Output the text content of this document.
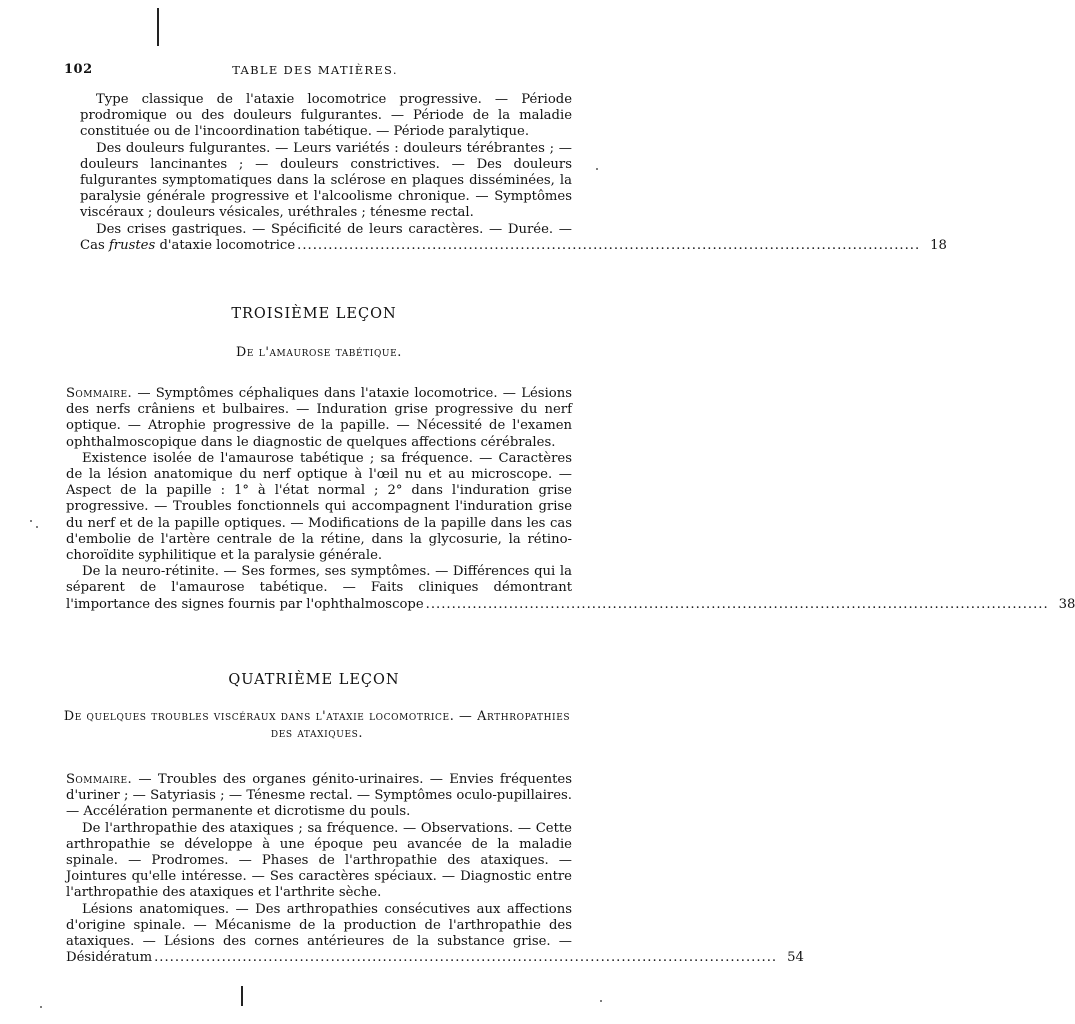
102	TABLE DES MATIÈRES.

Type classique de l'ataxie locomotrice progressive. — Période prodromique ou des douleurs fulgurantes. — Période de la maladie constituée ou de l'incoordination tabétique. — Période paralytique.

Des douleurs fulgurantes. — Leurs variétés : douleurs térébrantes ; — douleurs lancinantes ; — douleurs constrictives. — Des douleurs fulgurantes symptomatiques dans la sclérose en plaques disséminées, la paralysie générale progressive et l'alcoolisme chronique. — Symptômes viscéraux ; douleurs vésicales, uréthrales ; ténesme rectal.

Des crises gastriques. — Spécificité de leurs caractères. — Durée. —

Cas frustes d'ataxie locomotrice ........................................................................................................................ 18
TROISIÈME LEÇON
De l'amaurose tabétique.

Sommaire. — Symptômes céphaliques dans l'ataxie locomotrice. — Lésions des nerfs crâniens et bulbaires. — Induration grise progressive du nerf optique. — Atrophie progressive de la papille. — Nécessité de l'examen ophthalmoscopique dans le diagnostic de quelques affections cérébrales.

Existence isolée de l'amaurose tabétique ; sa fréquence. — Caractères de la lésion anatomique du nerf optique à l'œil nu et au microscope. — Aspect de la papille : 1° à l'état normal ; 2° dans l'induration grise progressive. — Troubles fonctionnels qui accompagnent l'induration grise du nerf et de la papille optiques. — Modifications de la papille dans les cas d'embolie de l'artère centrale de la rétine, dans la glycosurie, la rétino-choroïdite syphilitique et la paralysie générale.

De la neuro-rétinite. — Ses formes, ses symptômes. — Différences qui la séparent de l'amaurose tabétique. — Faits cliniques démontrant

l'importance des signes fournis par l'ophthalmoscope ........................................................................................................................ 38
QUATRIÈME LEÇON
De quelques troubles viscéraux dans l'ataxie locomotrice. — Arthropathies des ataxiques.

Sommaire. — Troubles des organes génito-urinaires. — Envies fréquentes d'uriner ; — Satyriasis ; — Ténesme rectal. — Symptômes oculo-pupillaires. — Accélération permanente et dicrotisme du pouls.

De l'arthropathie des ataxiques ; sa fréquence. — Observations. — Cette arthropathie se développe à une époque peu avancée de la maladie spinale. — Prodromes. — Phases de l'arthropathie des ataxiques. — Jointures qu'elle intéresse. — Ses caractères spéciaux. — Diagnostic entre l'arthropathie des ataxiques et l'arthrite sèche.

Lésions anatomiques. — Des arthropathies consécutives aux affections d'origine spinale. — Mécanisme de la production de l'arthropathie des ataxiques. — Lésions des cornes antérieures de la substance grise. —

Désidératum ........................................................................................................................ 54
